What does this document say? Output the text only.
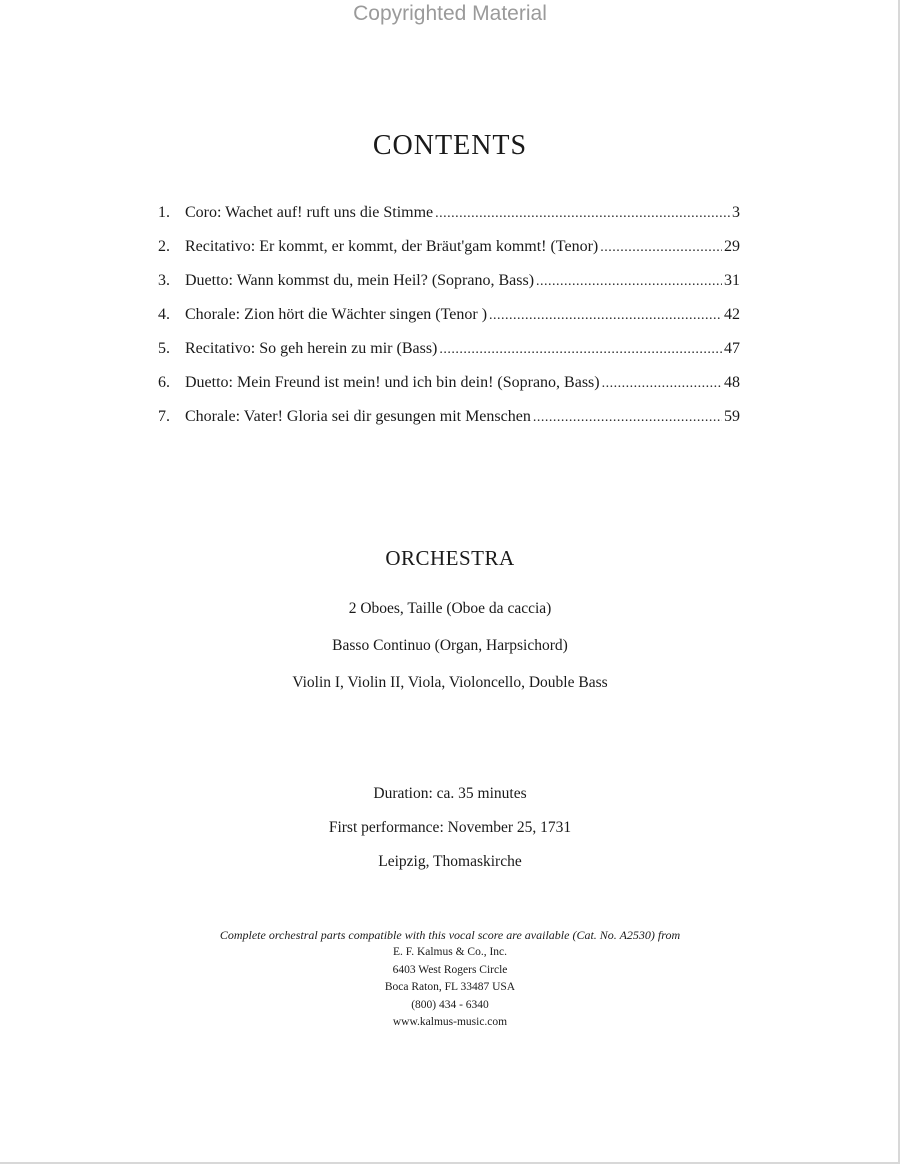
Copyrighted Material
CONTENTS
1. Coro: Wachet auf! ruft uns die Stimme .....	3
2. Recitativo: Er kommt, er kommt, der Bräut'gam kommt! (Tenor) .....	29
3. Duetto: Wann kommst du, mein Heil? (Soprano, Bass) .....	31
4. Chorale: Zion hört die Wächter singen (Tenor ) .....	42
5. Recitativo: So geh herein zu mir (Bass) .....	47
6. Duetto: Mein Freund ist mein! und ich bin dein! (Soprano, Bass) .....	48
7. Chorale: Vater! Gloria sei dir gesungen mit Menschen .....	59
ORCHESTRA
2 Oboes, Taille (Oboe da caccia)
Basso Continuo (Organ, Harpsichord)
Violin I, Violin II, Viola, Violoncello, Double Bass
Duration: ca. 35 minutes
First performance: November 25, 1731
Leipzig, Thomaskirche
Complete orchestral parts compatible with this vocal score are available (Cat. No. A2530) from
E. F. Kalmus & Co., Inc.
6403 West Rogers Circle
Boca Raton, FL 33487 USA
(800) 434 - 6340
www.kalmus-music.com
